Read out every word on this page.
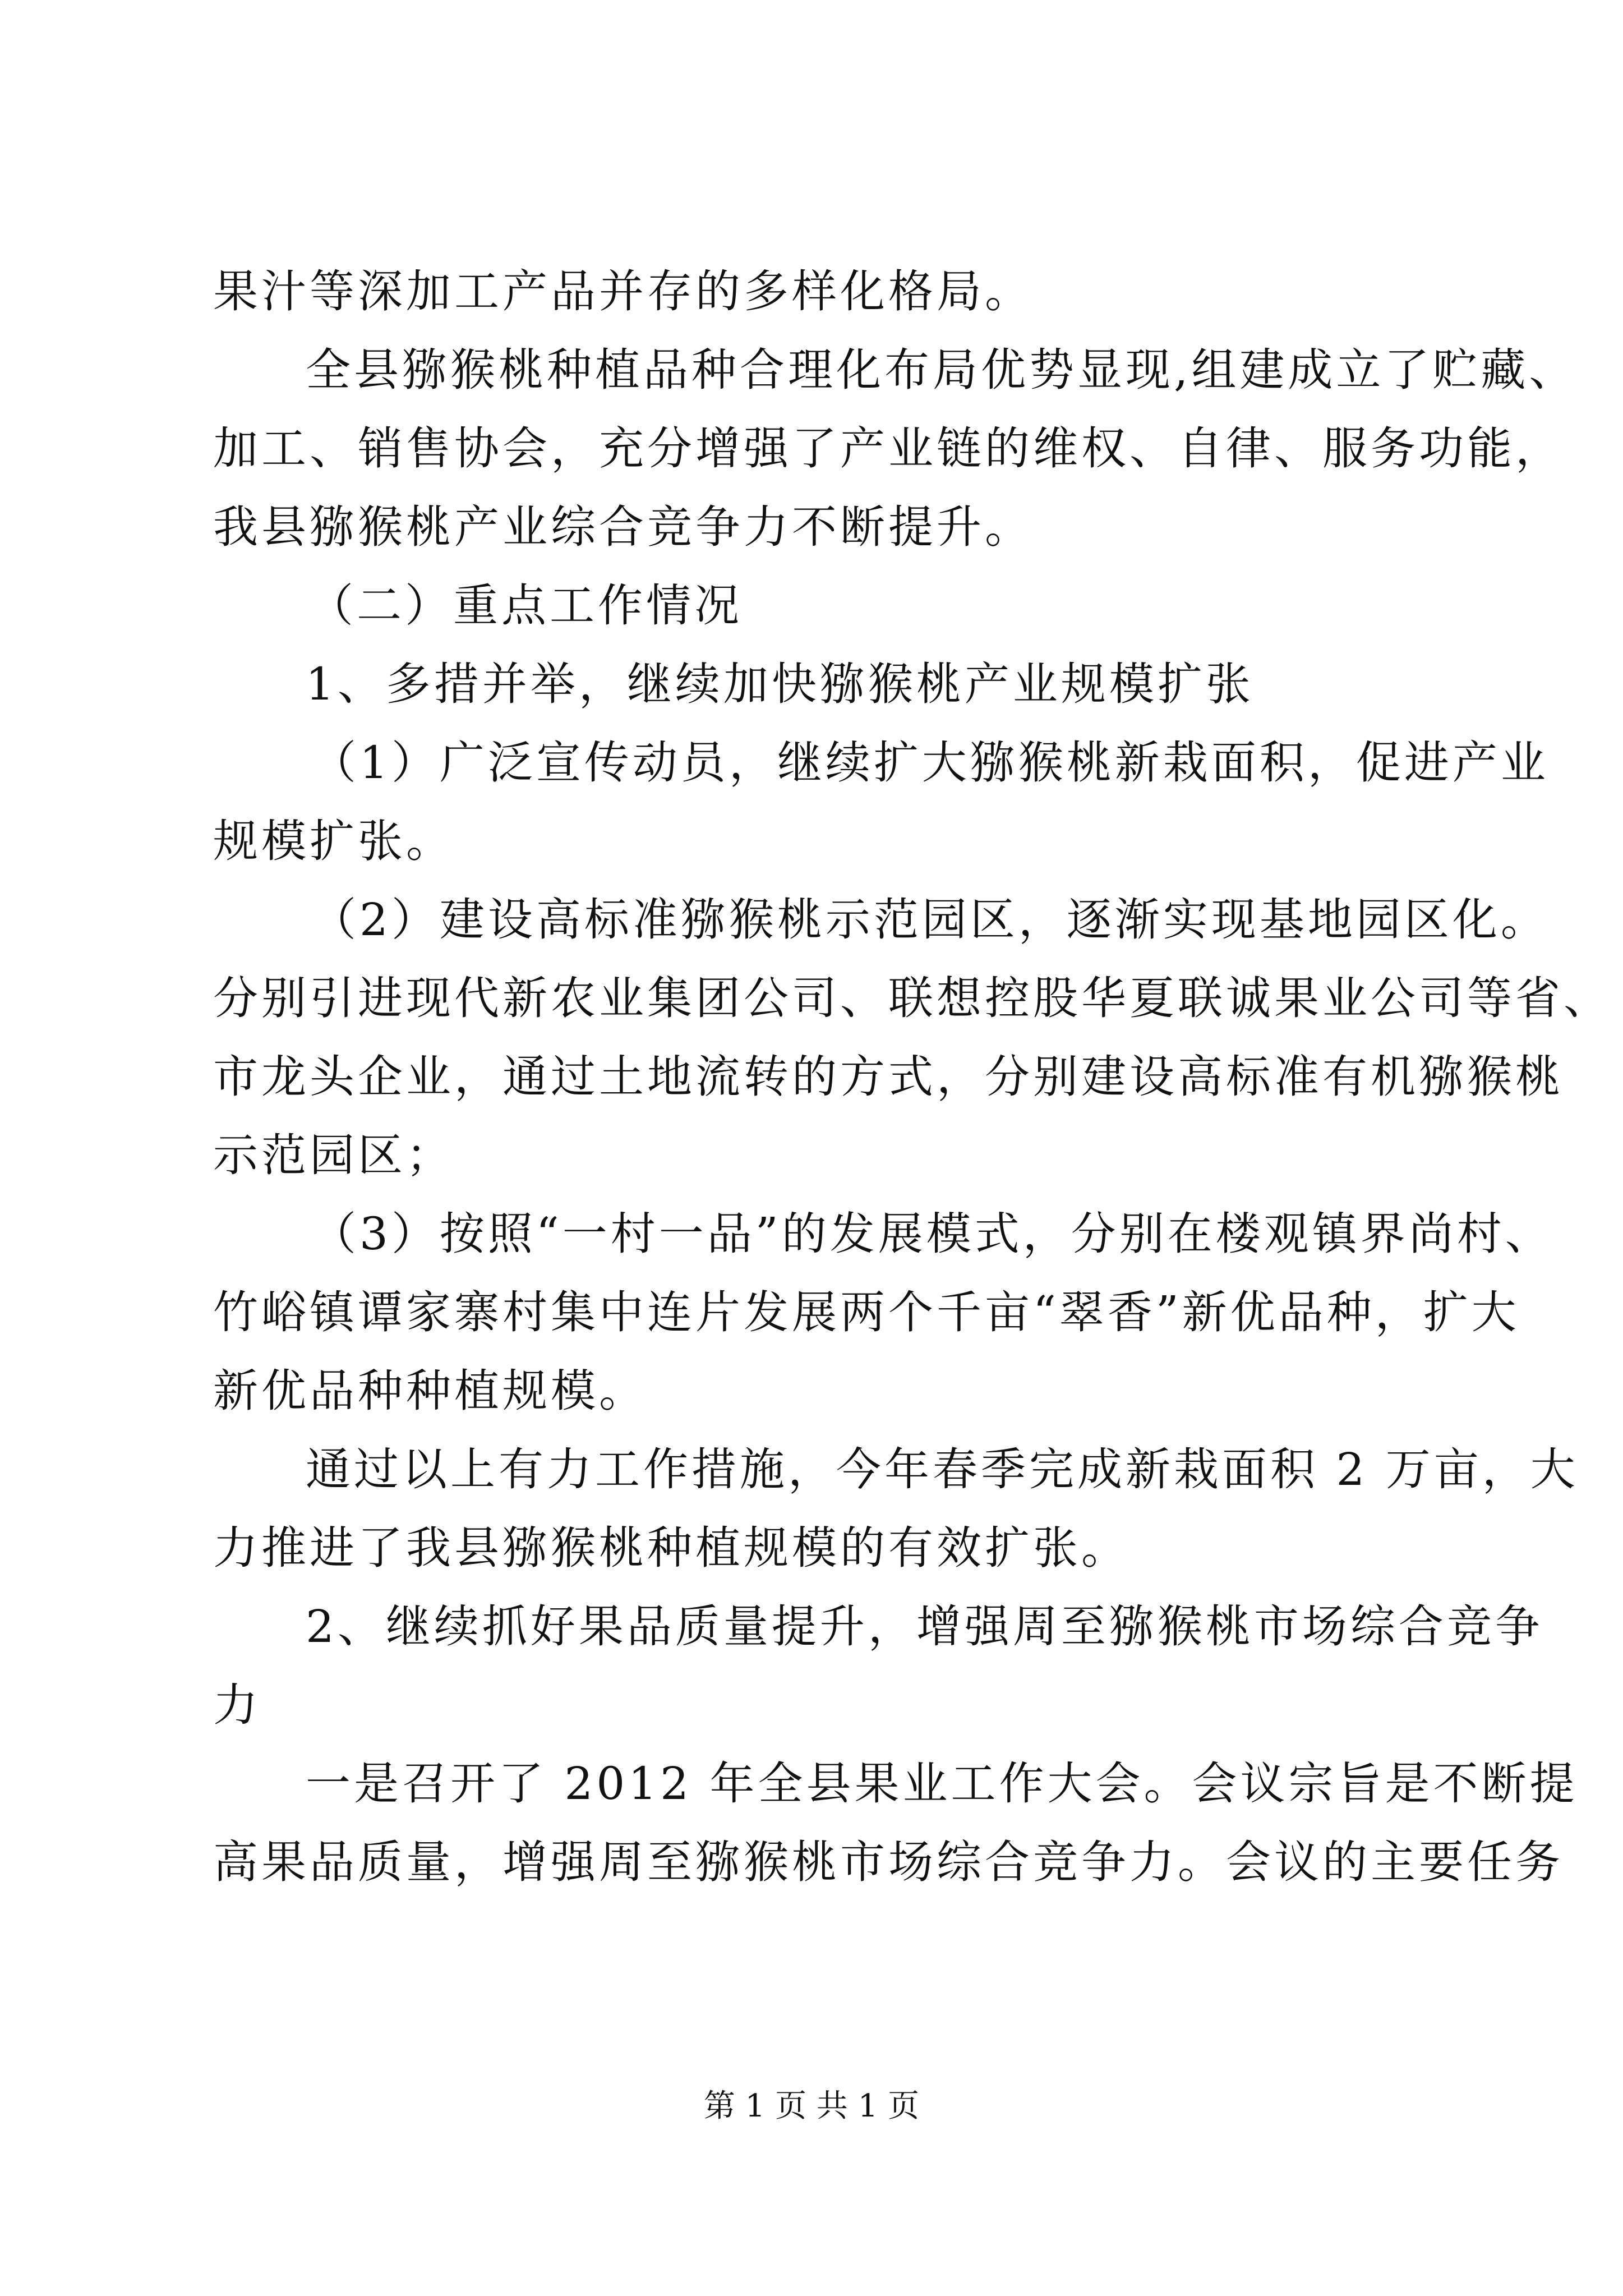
果汁等深加工产品并存的多样化格局。
全县猕猴桃种植品种合理化布局优势显现,组建成立了贮藏、
加工、销售协会，充分增强了产业链的维权、自律、服务功能，
我县猕猴桃产业综合竞争力不断提升。
（二）重点工作情况
1、多措并举，继续加快猕猴桃产业规模扩张
（1）广泛宣传动员，继续扩大猕猴桃新栽面积，促进产业
规模扩张。
（2）建设高标准猕猴桃示范园区，逐渐实现基地园区化。
分别引进现代新农业集团公司、联想控股华夏联诚果业公司等省、
市龙头企业，通过土地流转的方式，分别建设高标准有机猕猴桃
示范园区；
（3）按照“一村一品”的发展模式，分别在楼观镇界尚村、
竹峪镇谭家寨村集中连片发展两个千亩“翠香”新优品种，扩大
新优品种种植规模。
通过以上有力工作措施，今年春季完成新栽面积 2 万亩，大
力推进了我县猕猴桃种植规模的有效扩张。
2、继续抓好果品质量提升，增强周至猕猴桃市场综合竞争
力
一是召开了 2012 年全县果业工作大会。会议宗旨是不断提
高果品质量，增强周至猕猴桃市场综合竞争力。会议的主要任务
第 1 页 共 1 页
